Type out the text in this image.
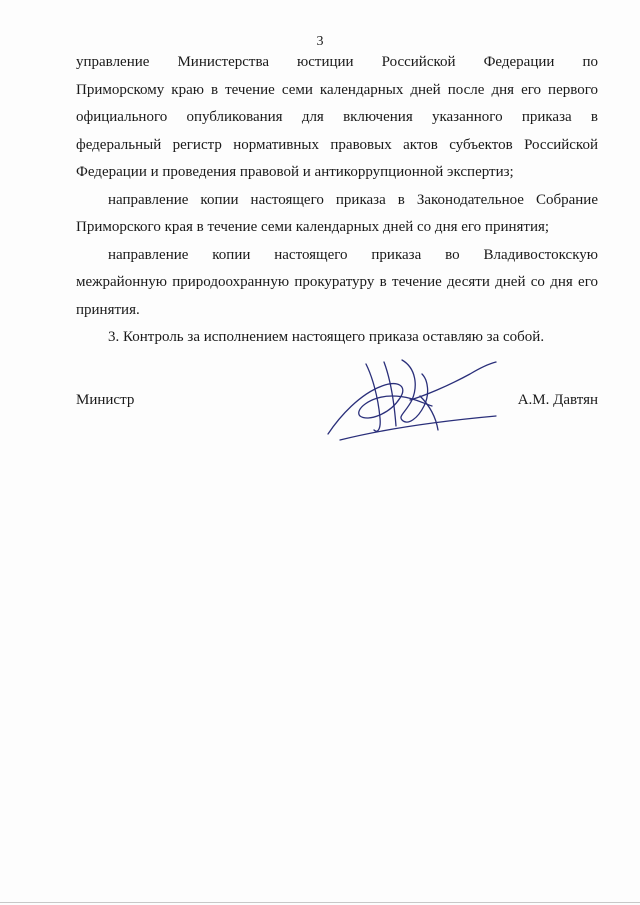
3
управление Министерства юстиции Российской Федерации по
Приморскому краю в течение семи календарных дней после дня его первого
официального опубликования для включения указанного приказа в
федеральный регистр нормативных правовых актов субъектов Российской
Федерации и проведения правовой и антикоррупционной экспертиз;
направление копии настоящего приказа в Законодательное Собрание
Приморского края в течение семи календарных дней со дня его принятия;
направление копии настоящего приказа во Владивостокскую
межрайонную природоохранную прокуратуру в течение десяти дней со дня его
принятия.
3. Контроль за исполнением настоящего приказа оставляю за собой.
Министр	А.М. Давтян
